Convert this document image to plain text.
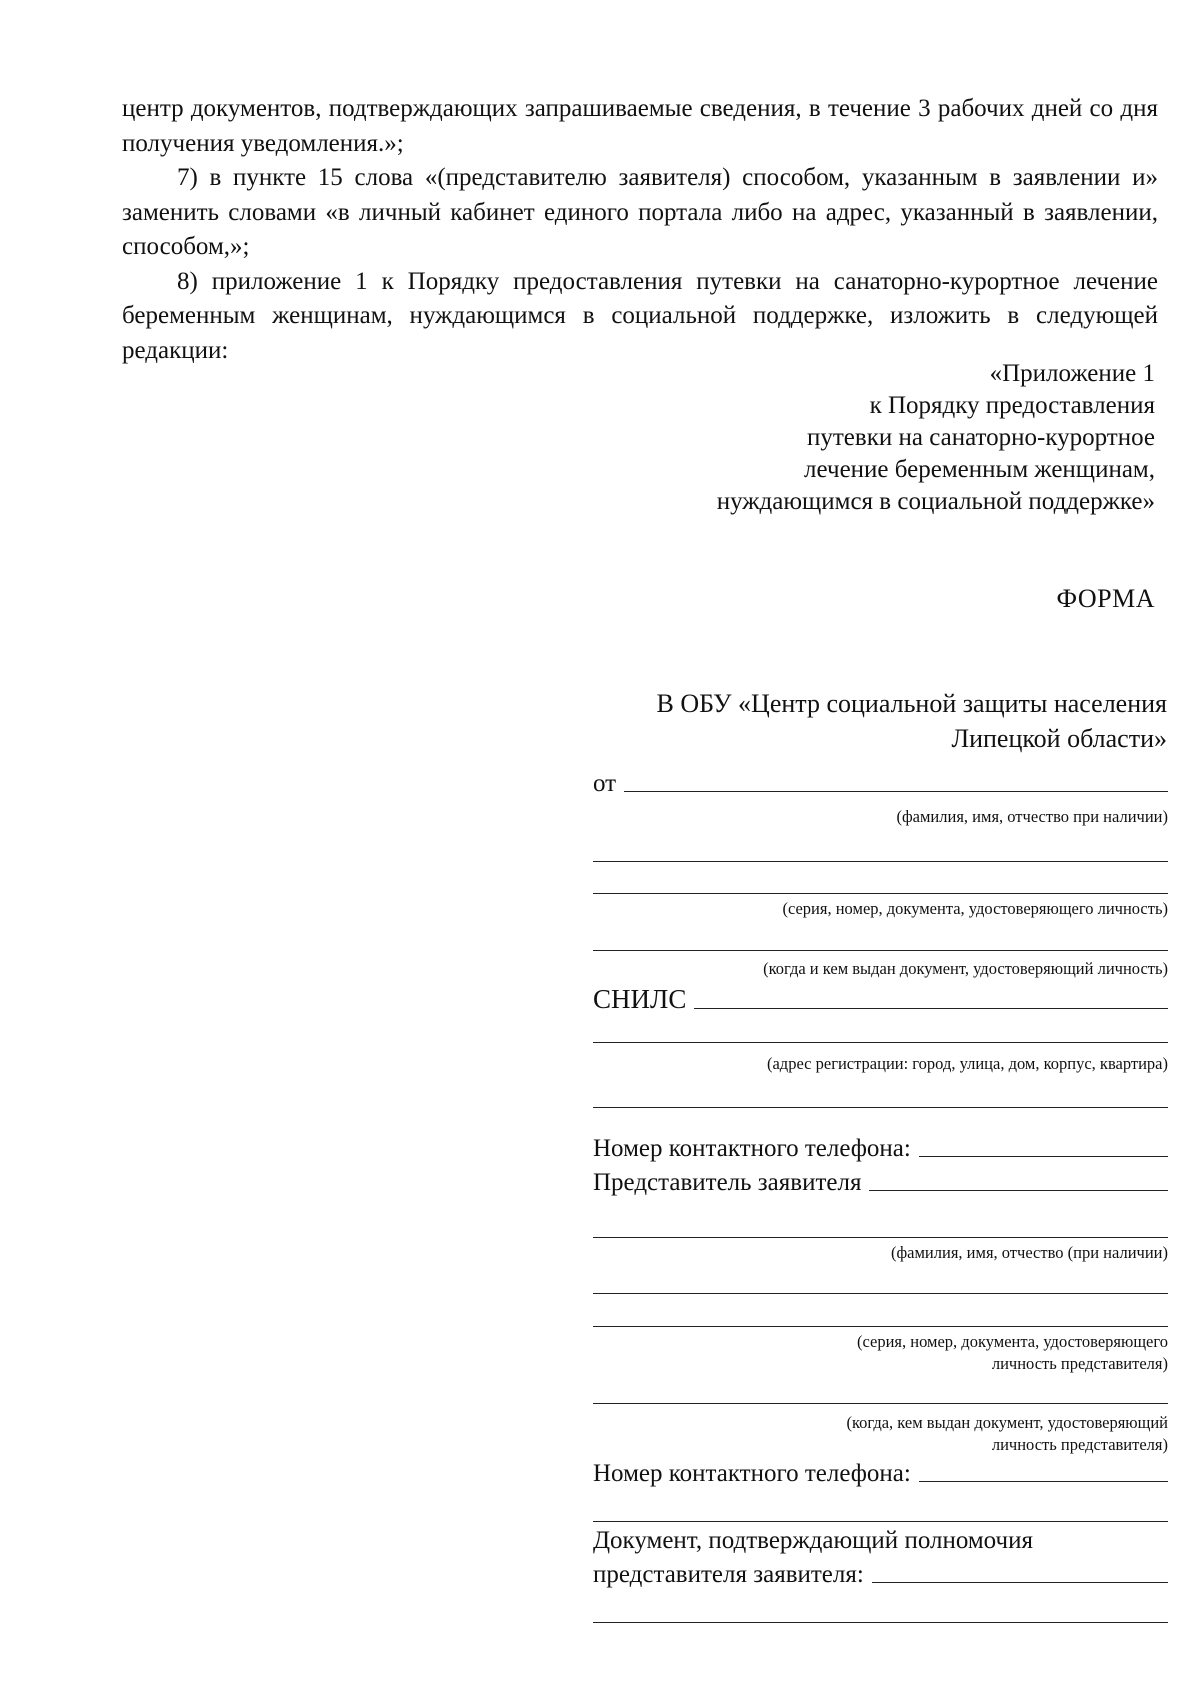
центр документов, подтверждающих запрашиваемые сведения, в течение 3 рабочих дней со дня получения уведомления.»;

7) в пункте 15 слова «(представителю заявителя) способом, указанным в заявлении и» заменить словами «в личный кабинет единого портала либо на адрес, указанный в заявлении, способом,»;

8) приложение 1 к Порядку предоставления путевки на санаторно-курортное лечение беременным женщинам, нуждающимся в социальной поддержке, изложить в следующей редакции:

«Приложение 1
к Порядку предоставления
путевки на санаторно-курортное
лечение беременным женщинам,
нуждающимся в социальной поддержке»
ФОРМА
В ОБУ «Центр социальной защиты населения
Липецкой области»
от
(фамилия, имя, отчество при наличии)
(серия, номер, документа, удостоверяющего личность)
(когда и кем выдан документ, удостоверяющий личность)
СНИЛС
(адрес регистрации: город, улица, дом, корпус, квартира)
Номер контактного телефона:
Представитель заявителя
(фамилия, имя, отчество (при наличии)
(серия, номер, документа, удостоверяющего
личность представителя)
(когда, кем выдан документ, удостоверяющий
личность представителя)
Номер контактного телефона:
Документ, подтверждающий полномочия
представителя заявителя:
